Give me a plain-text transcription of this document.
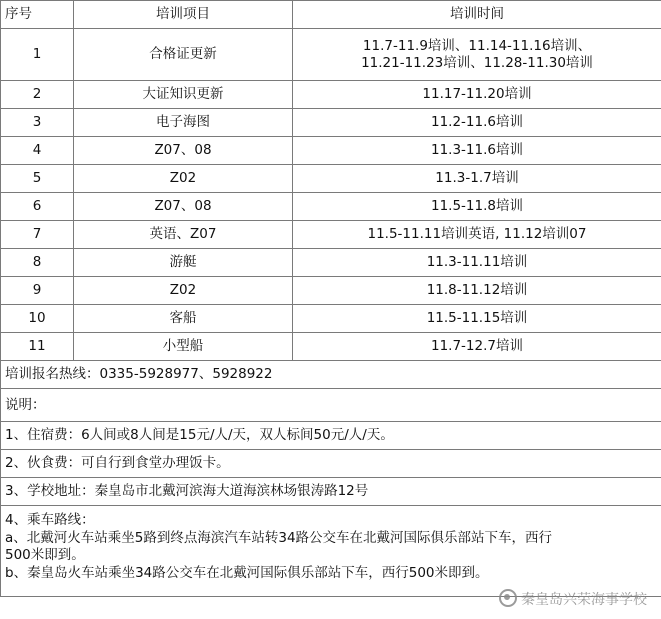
序号	培训项目	培训时间
1	合格证更新	11.7-11.9培训、11.14-11.16培训、
11.21-11.23培训、11.28-11.30培训

2	大证知识更新	11.17-11.20培训
3	电子海图	11.2-11.6培训
4	Z07、08	11.3-11.6培训
5	Z02	11.3-1.7培训
6	Z07、08	11.5-11.8培训
7	英语、Z07	11.5-11.11培训英语, 11.12培训07
8	游艇	11.3-11.11培训
9	Z02	11.8-11.12培训
10	客船	11.5-11.15培训
11	小型船	11.7-12.7培训
培训报名热线：0335-5928977、5928922		
说明：		
1、住宿费：6人间或8人间是15元/人/天，双人标间50元/人/天。		
2、伙食费：可自行到食堂办理饭卡。		
3、学校地址：秦皇岛市北戴河滨海大道海滨林场银涛路12号		

4、乘车路线：
a、北戴河火车站乘坐5路到终点海滨汽车站转34路公交车在北戴河国际俱乐部站下车，西行
500米即到。
b、秦皇岛火车站乘坐34路公交车在北戴河国际俱乐部站下车，西行500米即到。		
秦皇岛兴荣海事学校
